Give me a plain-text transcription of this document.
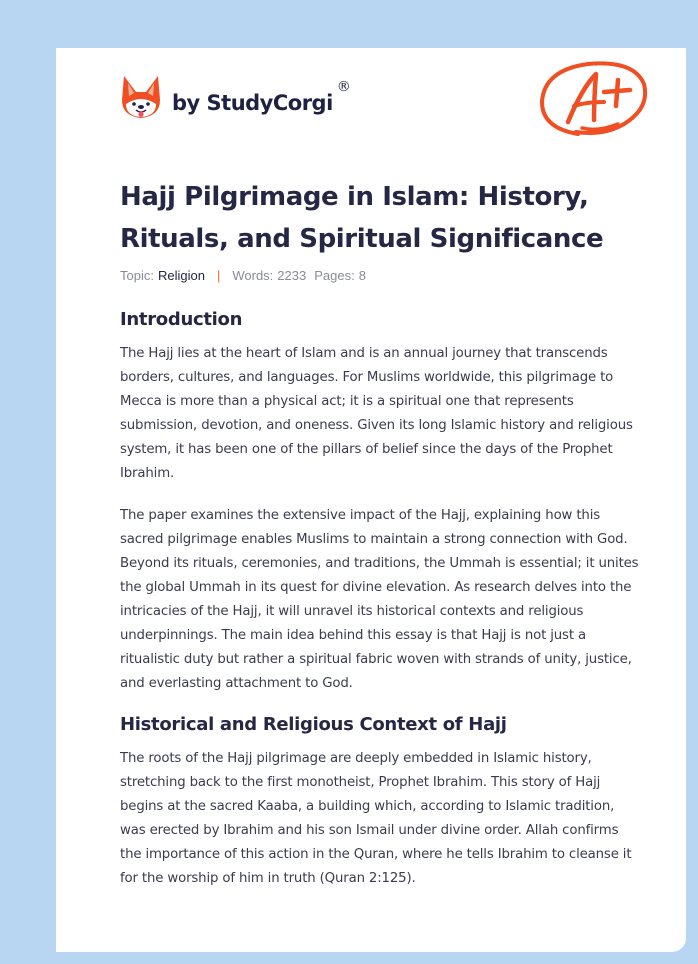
by StudyCorgi
®
Hajj Pilgrimage in Islam: History, Rituals, and Spiritual Significance
Topic: Religion | Words: 2233 Pages: 8
Introduction

The Hajj lies at the heart of Islam and is an annual journey that transcends borders, cultures, and languages. For Muslims worldwide, this pilgrimage to Mecca is more than a physical act; it is a spiritual one that represents submission, devotion, and oneness. Given its long Islamic history and religious system, it has been one of the pillars of belief since the days of the Prophet Ibrahim.

The paper examines the extensive impact of the Hajj, explaining how this sacred pilgrimage enables Muslims to maintain a strong connection with God. Beyond its rituals, ceremonies, and traditions, the Ummah is essential; it unites the global Ummah in its quest for divine elevation. As research delves into the intricacies of the Hajj, it will unravel its historical contexts and religious underpinnings. The main idea behind this essay is that Hajj is not just a ritualistic duty but rather a spiritual fabric woven with strands of unity, justice, and everlasting attachment to God.

Historical and Religious Context of Hajj

The roots of the Hajj pilgrimage are deeply embedded in Islamic history, stretching back to the first monotheist, Prophet Ibrahim. This story of Hajj begins at the sacred Kaaba, a building which, according to Islamic tradition, was erected by Ibrahim and his son Ismail under divine order. Allah confirms the importance of this action in the Quran, where he tells Ibrahim to cleanse it for the worship of him in truth (Quran 2:125).
